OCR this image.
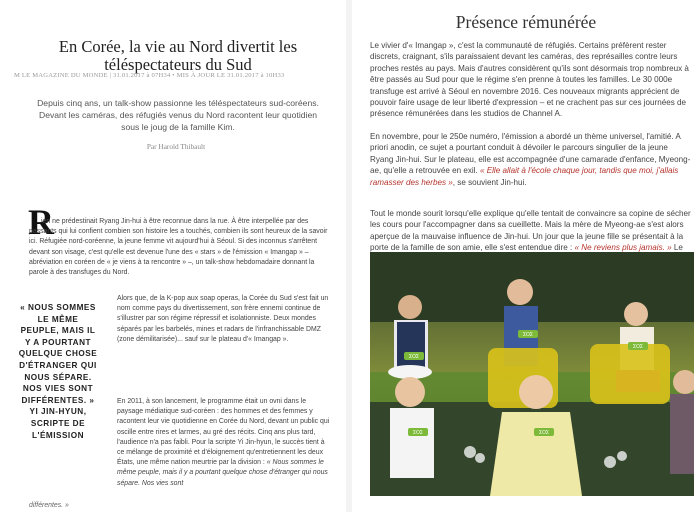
En Corée, la vie au Nord divertit les téléspectateurs du Sud
M LE MAGAZINE DU MONDE | 31.01.2017 à 07H34 • MIS À JOUR LE 31.01.2017 à 10H33

Depuis cinq ans, un talk-show passionne les téléspectateurs sud-coréens. Devant les caméras, des réfugiés venus du Nord racontent leur quotidien sous le joug de la famille Kim.

Par Harold Thibault
R

ien ne prédestinait Ryang Jin-hui à être reconnue dans la rue. À être interpellée par des passants qui lui confient combien son histoire les a touchés, combien ils sont heureux de la savoir ici. Réfugiée nord-coréenne, la jeune femme vit aujourd'hui à Séoul. Si des inconnus s'arrêtent devant son visage, c'est qu'elle est devenue l'une des « stars » de l'émission « Imangap » – abréviation en coréen de « je viens à ta rencontre » –, un talk-show hebdomadaire donnant la parole à des transfuges du Nord.

« NOUS SOMMES LE MÊME PEUPLE, MAIS IL Y A POURTANT QUELQUE CHOSE D'ÉTRANGER QUI NOUS SÉPARE. NOS VIES SONT DIFFÉRENTES. » YI JIN-HYUN, SCRIPTE DE L'ÉMISSION

Alors que, de la K-pop aux soap operas, la Corée du Sud s'est fait un nom comme pays du divertissement, son frère ennemi continue de s'illustrer par son régime répressif et isolationniste. Deux mondes séparés par les barbelés, mines et radars de l'infranchissable DMZ (zone démilitarisée)... sauf sur le plateau d'« Imangap ».

En 2011, à son lancement, le programme était un ovni dans le paysage médiatique sud-coréen : des hommes et des femmes y racontent leur vie quotidienne en Corée du Nord, devant un public qui oscille entre rires et larmes, au gré des récits. Cinq ans plus tard, l'audience n'a pas faibli. Pour la scripte Yi Jin-hyun, le succès tient à ce mélange de proximité et d'éloignement qu'entretiennent les deux États, une même nation meurtrie par la division : « Nous sommes le même peuple, mais il y a pourtant quelque chose d'étranger qui nous sépare. Nos vies sont

différentes. »

Présence rémunérée

Le vivier d'« Imangap », c'est la communauté de réfugiés. Certains préfèrent rester discrets, craignant, s'ils paraissaient devant les caméras, des représailles contre leurs proches restés au pays. Mais d'autres considèrent qu'ils sont désormais trop nombreux à être passés au Sud pour que le régime s'en prenne à toutes les familles. Le 30 000e transfuge est arrivé à Séoul en novembre 2016. Ces nouveaux migrants apprécient de pouvoir faire usage de leur liberté d'expression – et ne crachent pas sur ces journées de présence rémunérées dans les studios de Channel A.

En novembre, pour le 250e numéro, l'émission a abordé un thème universel, l'amitié. A priori anodin, ce sujet a pourtant conduit à dévoiler le parcours singulier de la jeune Ryang Jin-hui. Sur le plateau, elle est accompagnée d'une camarade d'enfance, Myeong-ae, qu'elle a retrouvée en exil. « Elle allait à l'école chaque jour, tandis que moi, j'allais ramasser des herbes », se souvient Jin-hui.

Tout le monde sourit lorsqu'elle explique qu'elle tentait de convaincre sa copine de sécher les cours pour l'accompagner dans sa cueillette. Mais la mère de Myeong-ae s'est alors aperçue de la mauvaise influence de Jin-hui. Un jour que la jeune fille se présentait à la porte de la famille de son amie, elle s'est entendue dire : « Ne reviens plus jamais. » Le

ΣΟΣ
ΣΟΣ
ΣΟΣ
ΣΟΣ	ΣΟΣ
